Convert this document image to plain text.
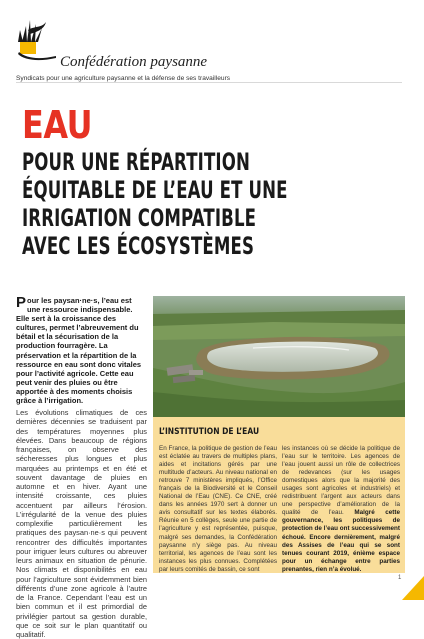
Confédération paysanne
Syndicats pour une agriculture paysanne et la défense de ses travailleurs
EAU
POUR UNE RÉPARTITION
ÉQUITABLE DE L’EAU ET UNE
IRRIGATION COMPATIBLE
AVEC LES ÉCOSYSTÈMES
Pour les paysan·ne·s, l’eau est une ressource indispensable. Elle sert à la croissance des cultures, permet l’abreuvement du bétail et la sécurisation de la production fourragère. La préservation et la répartition de la ressource en eau sont donc vitales pour l’activité agricole. Cette eau peut venir des pluies ou être apportée à des moments choisis grâce à l’irrigation.
Les évolutions climatiques de ces dernières décennies se traduisent par des températures moyennes plus élevées. Dans beaucoup de régions françaises, on observe des sécheresses plus longues et plus marquées au printemps et en été et souvent davantage de pluies en automne et en hiver. Ayant une intensité croissante, ces pluies accentuent par ailleurs l’érosion. L’irrégularité de la venue des pluies complexifie particulièrement les pratiques des paysan·ne·s qui peuvent rencontrer des difficultés importantes pour irriguer leurs cultures ou abreuver leurs animaux en situation de pénurie. Nos climats et disponibilités en eau pour l’agriculture sont évidemment bien différents d’une zone agricole à l’autre de la France. Cependant l’eau est un bien commun et il est primordial de privilégier partout sa gestion durable, que ce soit sur le plan quantitatif ou qualitatif.
L’INSTITUTION DE L’EAU
En France, la politique de gestion de l’eau est éclatée au travers de multiples plans, aides et incitations gérés par une multitude d’acteurs. Au niveau national en retrouve 7 ministères impliqués, l’Office français de la Biodiversité et le Conseil National de l’Eau (CNE). Ce CNE, créé dans les années 1970 sert à donner un avis consultatif sur les textes élaborés. Réunie en 5 collèges, seule une partie de l’agriculture y est représentée, puisque, malgré ses demandes, la Confédération paysanne n’y siège pas. Au niveau territorial, les agences de l’eau sont les instances les plus connues. Complétées par leurs comités de bassin, ce sont
les instances où se décide la politique de l’eau sur le territoire. Les agences de l’eau jouent aussi un rôle de collectrices de redevances (sur les usages domestiques alors que la majorité des usages sont agricoles et industriels) et redistribuent l’argent aux acteurs dans une perspective d’amélioration de la qualité de l’eau. Malgré cette gouvernance, les politiques de protection de l’eau ont successivement échoué. Encore dernièrement, malgré des Assises de l’eau qui se sont tenues courant 2019, énième espace pour un échange entre parties prenantes, rien n’a évolué.
1
